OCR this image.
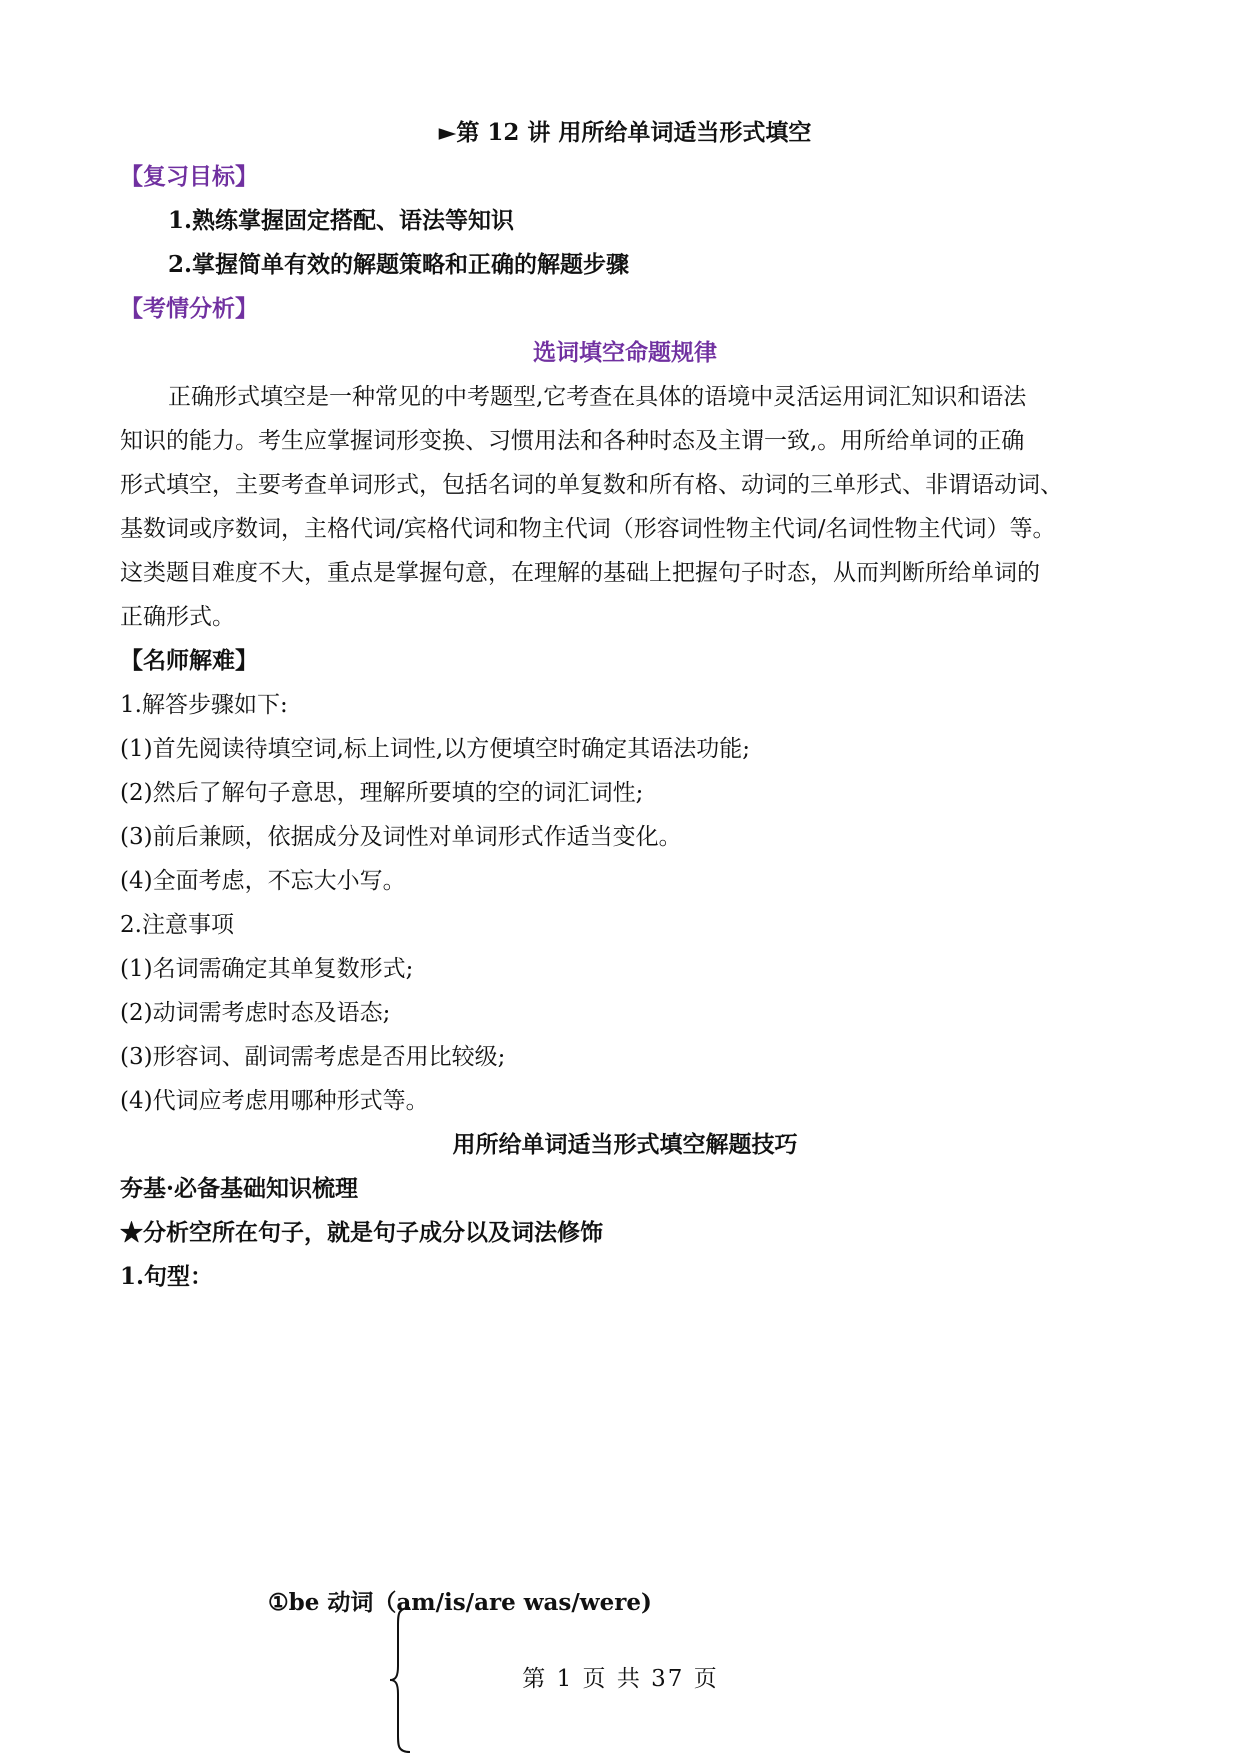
►第 12 讲 用所给单词适当形式填空
【复习目标】
1.熟练掌握固定搭配、语法等知识
2.掌握简单有效的解题策略和正确的解题步骤
【考情分析】
选词填空命题规律
正确形式填空是一种常见的中考题型,它考查在具体的语境中灵活运用词汇知识和语法
知识的能力。考生应掌握词形变换、习惯用法和各种时态及主谓一致,。用所给单词的正确
形式填空，主要考查单词形式，包括名词的单复数和所有格、动词的三单形式、非谓语动词、
基数词或序数词，主格代词/宾格代词和物主代词（形容词性物主代词/名词性物主代词）等。
这类题目难度不大，重点是掌握句意，在理解的基础上把握句子时态，从而判断所给单词的
正确形式。
【名师解难】
1.解答步骤如下:
(1)首先阅读待填空词,标上词性,以方便填空时确定其语法功能;
(2)然后了解句子意思，理解所要填的空的词汇词性;
(3)前后兼顾，依据成分及词性对单词形式作适当变化。
(4)全面考虑，不忘大小写。
2.注意事项
(1)名词需确定其单复数形式;
(2)动词需考虑时态及语态;
(3)形容词、副词需考虑是否用比较级;
(4)代词应考虑用哪种形式等。
用所给单词适当形式填空解题技巧
夯基·必备基础知识梳理
★分析空所在句子，就是句子成分以及词法修饰
1.句型：
①be 动词（am/is/are was/were)
第 1 页 共 37 页
